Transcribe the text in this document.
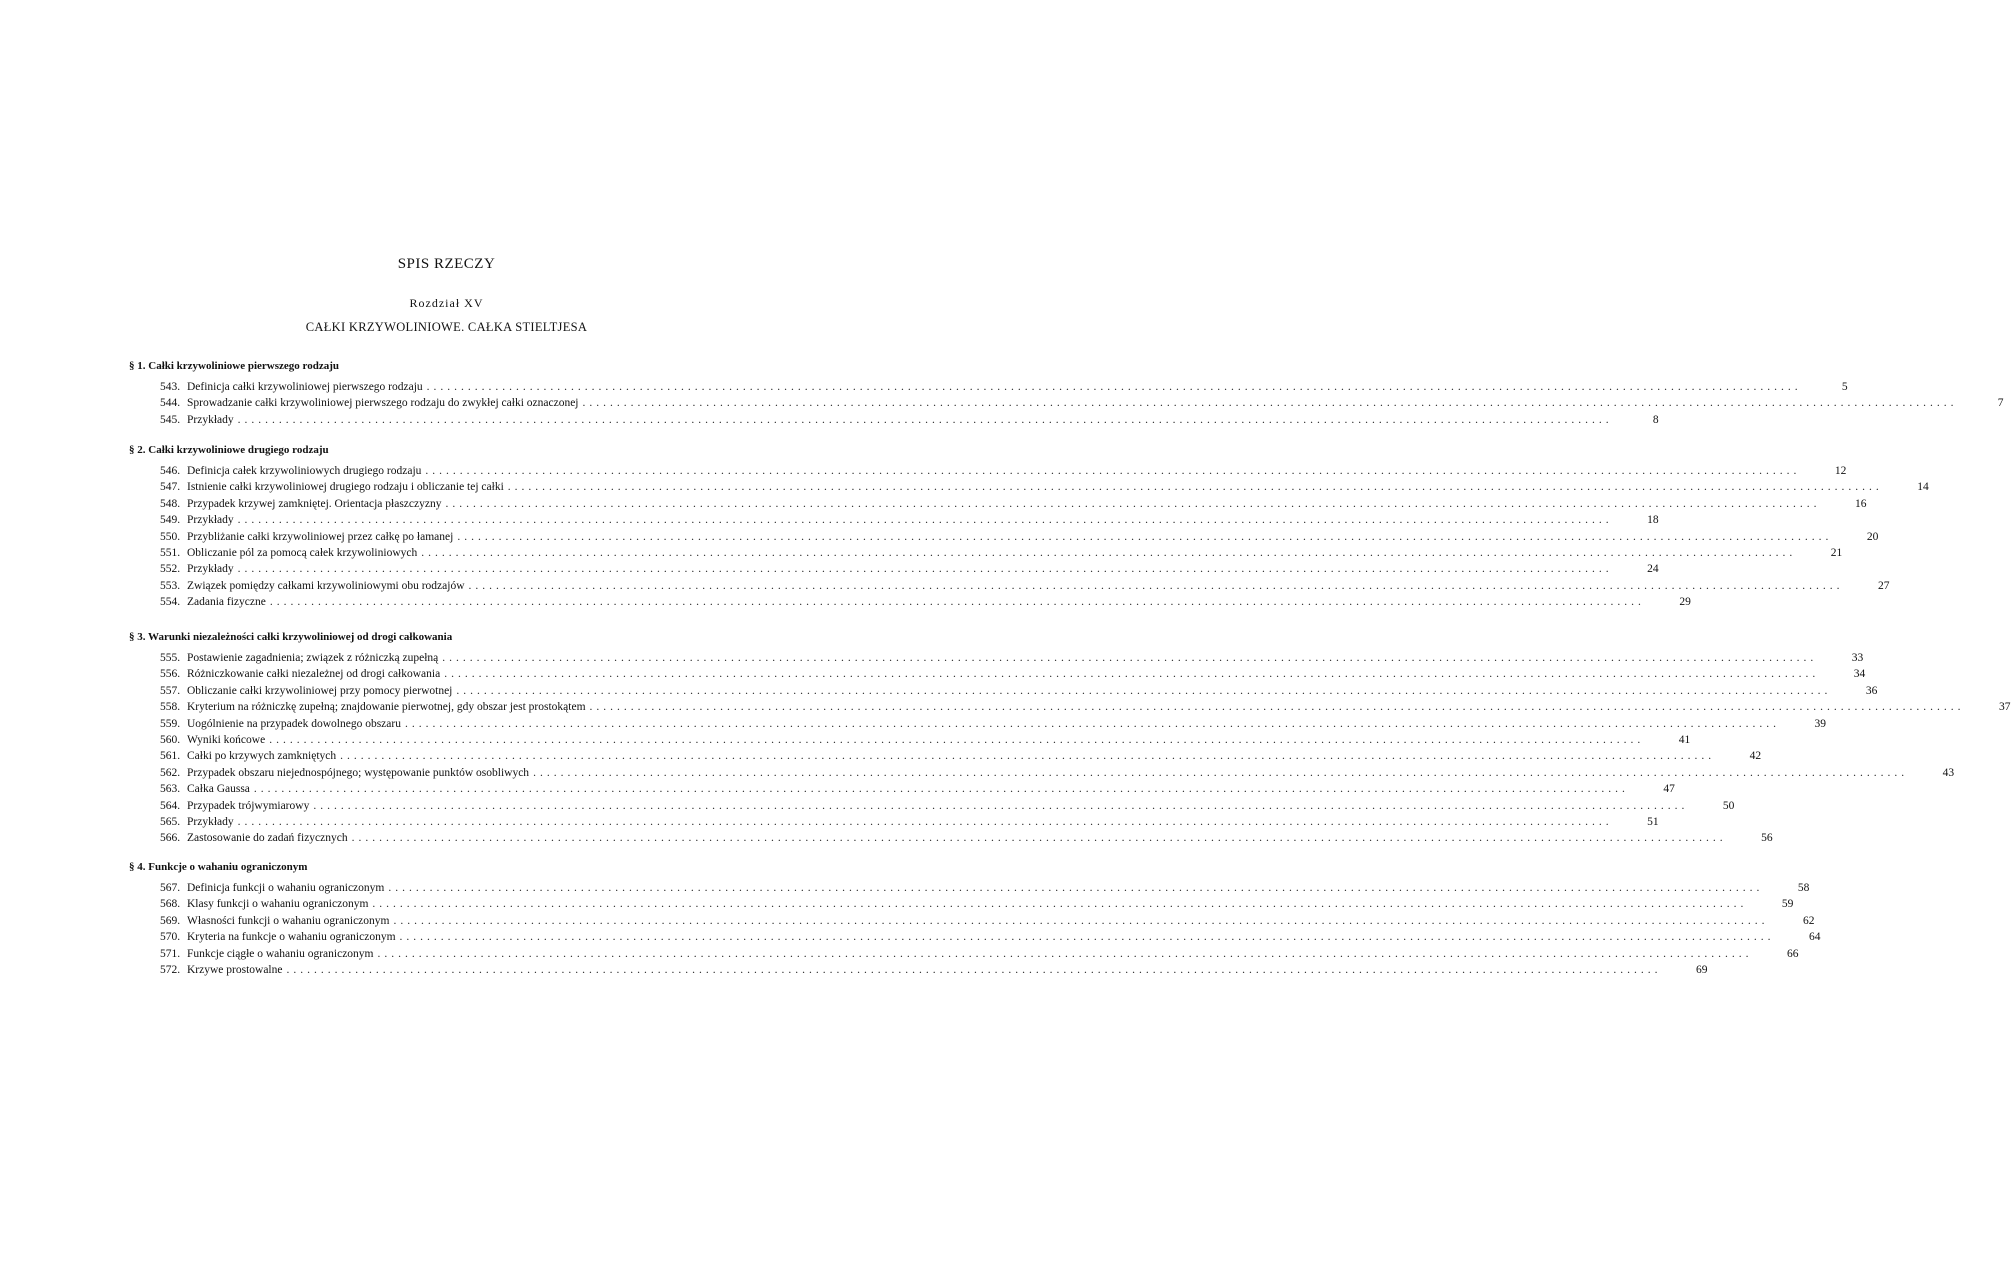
SPIS RZECZY
Rozdział XV
CAŁKI KRZYWOLINIOWE. CAŁKA STIELTJESA
§ 1. Całki krzywoliniowe pierwszego rodzaju
543. Definicja całki krzywoliniowej pierwszego rodzaju ........................................................................................................................................................................................................	5
544. Sprowadzanie całki krzywoliniowej pierwszego rodzaju do zwykłej całki oznaczonej ........................................................................................................................................................................................................	7
545. Przykłady ........................................................................................................................................................................................................	8
§ 2. Całki krzywoliniowe drugiego rodzaju
546. Definicja całek krzywoliniowych drugiego rodzaju ........................................................................................................................................................................................................	12
547. Istnienie całki krzywoliniowej drugiego rodzaju i obliczanie tej całki ........................................................................................................................................................................................................	14
548. Przypadek krzywej zamkniętej. Orientacja płaszczyzny ........................................................................................................................................................................................................	16
549. Przykłady ........................................................................................................................................................................................................	18
550. Przybliżanie całki krzywoliniowej przez całkę po łamanej ........................................................................................................................................................................................................	20
551. Obliczanie pól za pomocą całek krzywoliniowych ........................................................................................................................................................................................................	21
552. Przykłady ........................................................................................................................................................................................................	24
553. Związek pomiędzy całkami krzywoliniowymi obu rodzajów ........................................................................................................................................................................................................	27
554. Zadania fizyczne ........................................................................................................................................................................................................	29
§ 3. Warunki niezależności całki krzywoliniowej od drogi całkowania
555. Postawienie zagadnienia; związek z różniczką zupełną ........................................................................................................................................................................................................	33
556. Różniczkowanie całki niezależnej od drogi całkowania ........................................................................................................................................................................................................	34
557. Obliczanie całki krzywoliniowej przy pomocy pierwotnej ........................................................................................................................................................................................................	36
558. Kryterium na różniczkę zupełną; znajdowanie pierwotnej, gdy obszar jest prostokątem ........................................................................................................................................................................................................	37
559. Uogólnienie na przypadek dowolnego obszaru ........................................................................................................................................................................................................	39
560. Wyniki końcowe ........................................................................................................................................................................................................	41
561. Całki po krzywych zamkniętych ........................................................................................................................................................................................................	42
562. Przypadek obszaru niejednospójnego; występowanie punktów osobliwych ........................................................................................................................................................................................................	43
563. Całka Gaussa ........................................................................................................................................................................................................	47
564. Przypadek trójwymiarowy ........................................................................................................................................................................................................	50
565. Przykłady ........................................................................................................................................................................................................	51
566. Zastosowanie do zadań fizycznych ........................................................................................................................................................................................................	56
§ 4. Funkcje o wahaniu ograniczonym
567. Definicja funkcji o wahaniu ograniczonym ........................................................................................................................................................................................................	58
568. Klasy funkcji o wahaniu ograniczonym ........................................................................................................................................................................................................	59
569. Własności funkcji o wahaniu ograniczonym ........................................................................................................................................................................................................	62
570. Kryteria na funkcje o wahaniu ograniczonym ........................................................................................................................................................................................................	64
571. Funkcje ciągłe o wahaniu ograniczonym ........................................................................................................................................................................................................	66
572. Krzywe prostowalne ........................................................................................................................................................................................................	69
